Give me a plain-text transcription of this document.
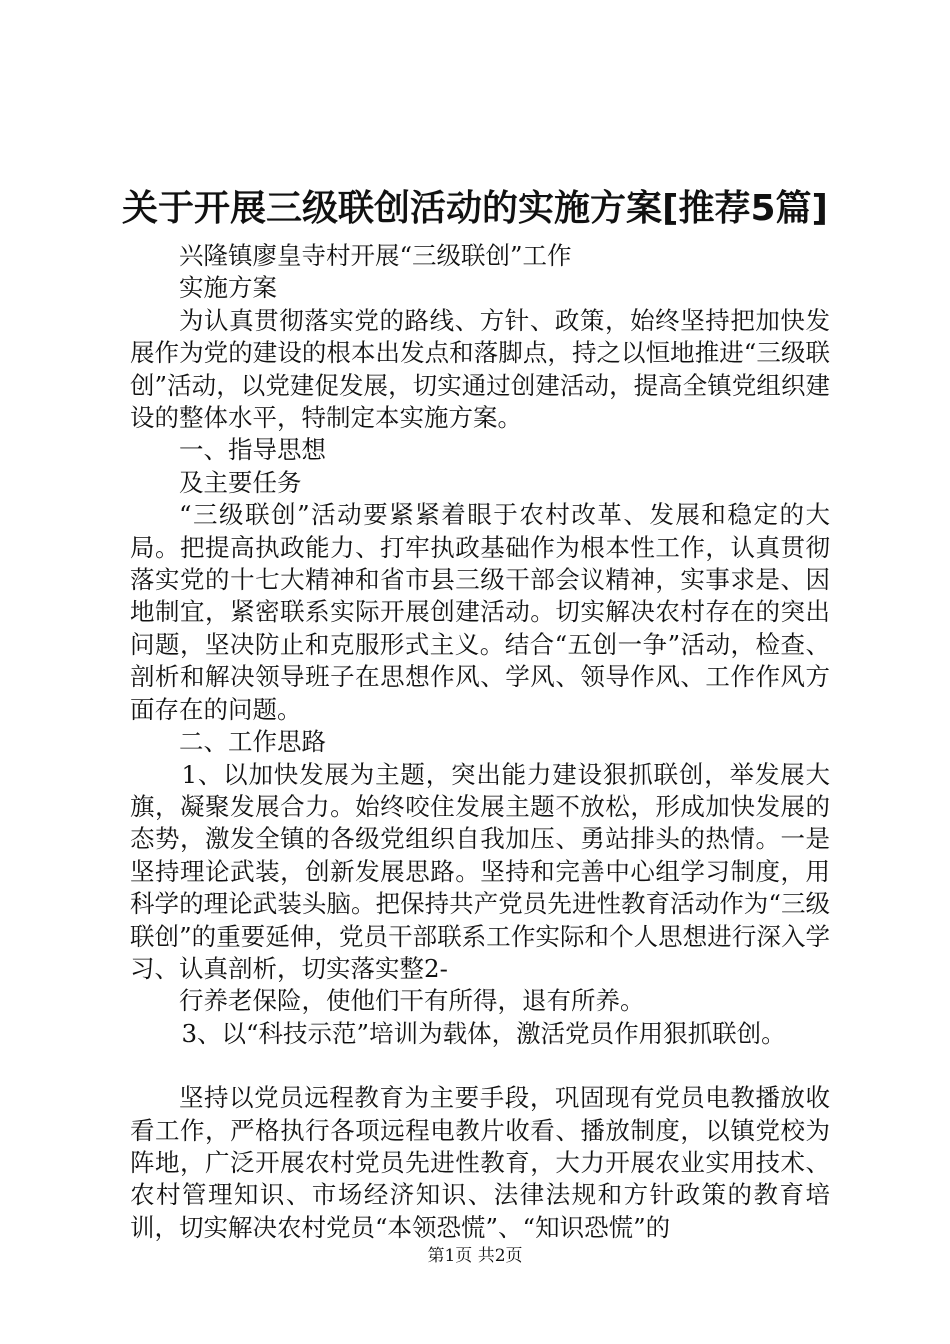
关于开展三级联创活动的实施方案[推荐5篇]

兴隆镇廖皇寺村开展“三级联创”工作

实施方案

为认真贯彻落实党的路线、方针、政策，始终坚持把加快发展作为党的建设的根本出发点和落脚点，持之以恒地推进“三级联创”活动，以党建促发展，切实通过创建活动，提高全镇党组织建设的整体水平，特制定本实施方案。

一、指导思想

及主要任务

“三级联创”活动要紧紧着眼于农村改革、发展和稳定的大局。把提高执政能力、打牢执政基础作为根本性工作，认真贯彻落实党的十七大精神和省市县三级干部会议精神，实事求是、因地制宜，紧密联系实际开展创建活动。切实解决农村存在的突出问题，坚决防止和克服形式主义。结合“五创一争”活动，检查、剖析和解决领导班子在思想作风、学风、领导作风、工作作风方面存在的问题。

二、工作思路

1、以加快发展为主题，突出能力建设狠抓联创，举发展大旗，凝聚发展合力。始终咬住发展主题不放松，形成加快发展的态势，激发全镇的各级党组织自我加压、勇站排头的热情。一是坚持理论武装，创新发展思路。坚持和完善中心组学习制度，用科学的理论武装头脑。把保持共产党员先进性教育活动作为“三级联创”的重要延伸，党员干部联系工作实际和个人思想进行深入学习、认真剖析，切实落实整2-

行养老保险，使他们干有所得，退有所养。

3、以“科技示范”培训为载体，激活党员作用狠抓联创。

坚持以党员远程教育为主要手段，巩固现有党员电教播放收看工作，严格执行各项远程电教片收看、播放制度，以镇党校为阵地，广泛开展农村党员先进性教育，大力开展农业实用技术、农村管理知识、市场经济知识、法律法规和方针政策的教育培训，切实解决农村党员“本领恐慌”、“知识恐慌”的

第1页 共2页
